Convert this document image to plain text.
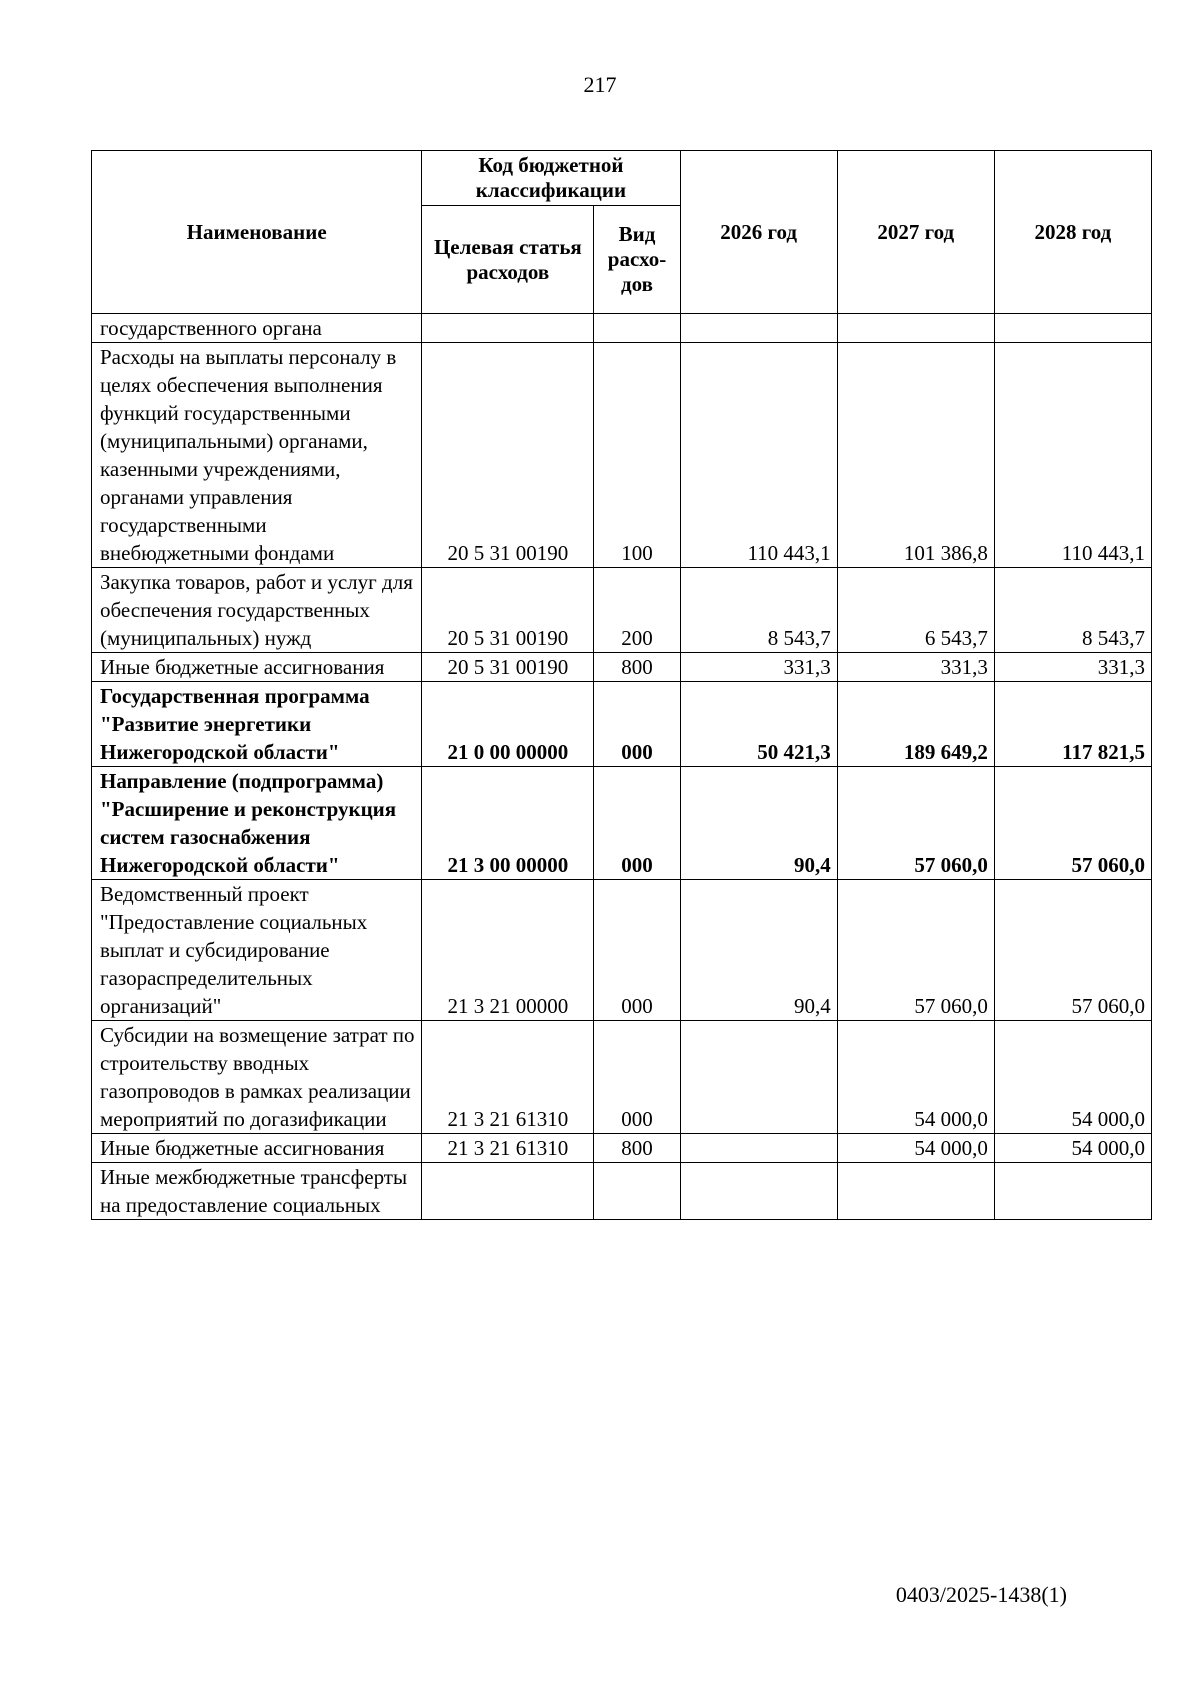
217
Наименование	Код бюджетной классификации		2026 год	2027 год	2028 год
	Целевая статья расходов	Вид расхо-дов			
государственного органа					
Расходы на выплаты персоналу в целях обеспечения выполнения функций государственными (муниципальными) органами, казенными учреждениями, органами управления государственными внебюджетными фондами	20 5 31 00190	100	110 443,1	101 386,8	110 443,1
Закупка товаров, работ и услуг для обеспечения государственных (муниципальных) нужд	20 5 31 00190	200	8 543,7	6 543,7	8 543,7
Иные бюджетные ассигнования	20 5 31 00190	800	331,3	331,3	331,3
Государственная программа "Развитие энергетики Нижегородской области"	21 0 00 00000	000	50 421,3	189 649,2	117 821,5
Направление (подпрограмма) "Расширение и реконструкция систем газоснабжения Нижегородской области"	21 3 00 00000	000	90,4	57 060,0	57 060,0
Ведомственный проект "Предоставление социальных выплат и субсидирование газораспределительных организаций"	21 3 21 00000	000	90,4	57 060,0	57 060,0
Субсидии на возмещение затрат по строительству вводных газопроводов в рамках реализации мероприятий по догазификации	21 3 21 61310	000		54 000,0	54 000,0
Иные бюджетные ассигнования	21 3 21 61310	800		54 000,0	54 000,0
Иные межбюджетные трансферты на предоставление социальных					
0403/2025-1438(1)
